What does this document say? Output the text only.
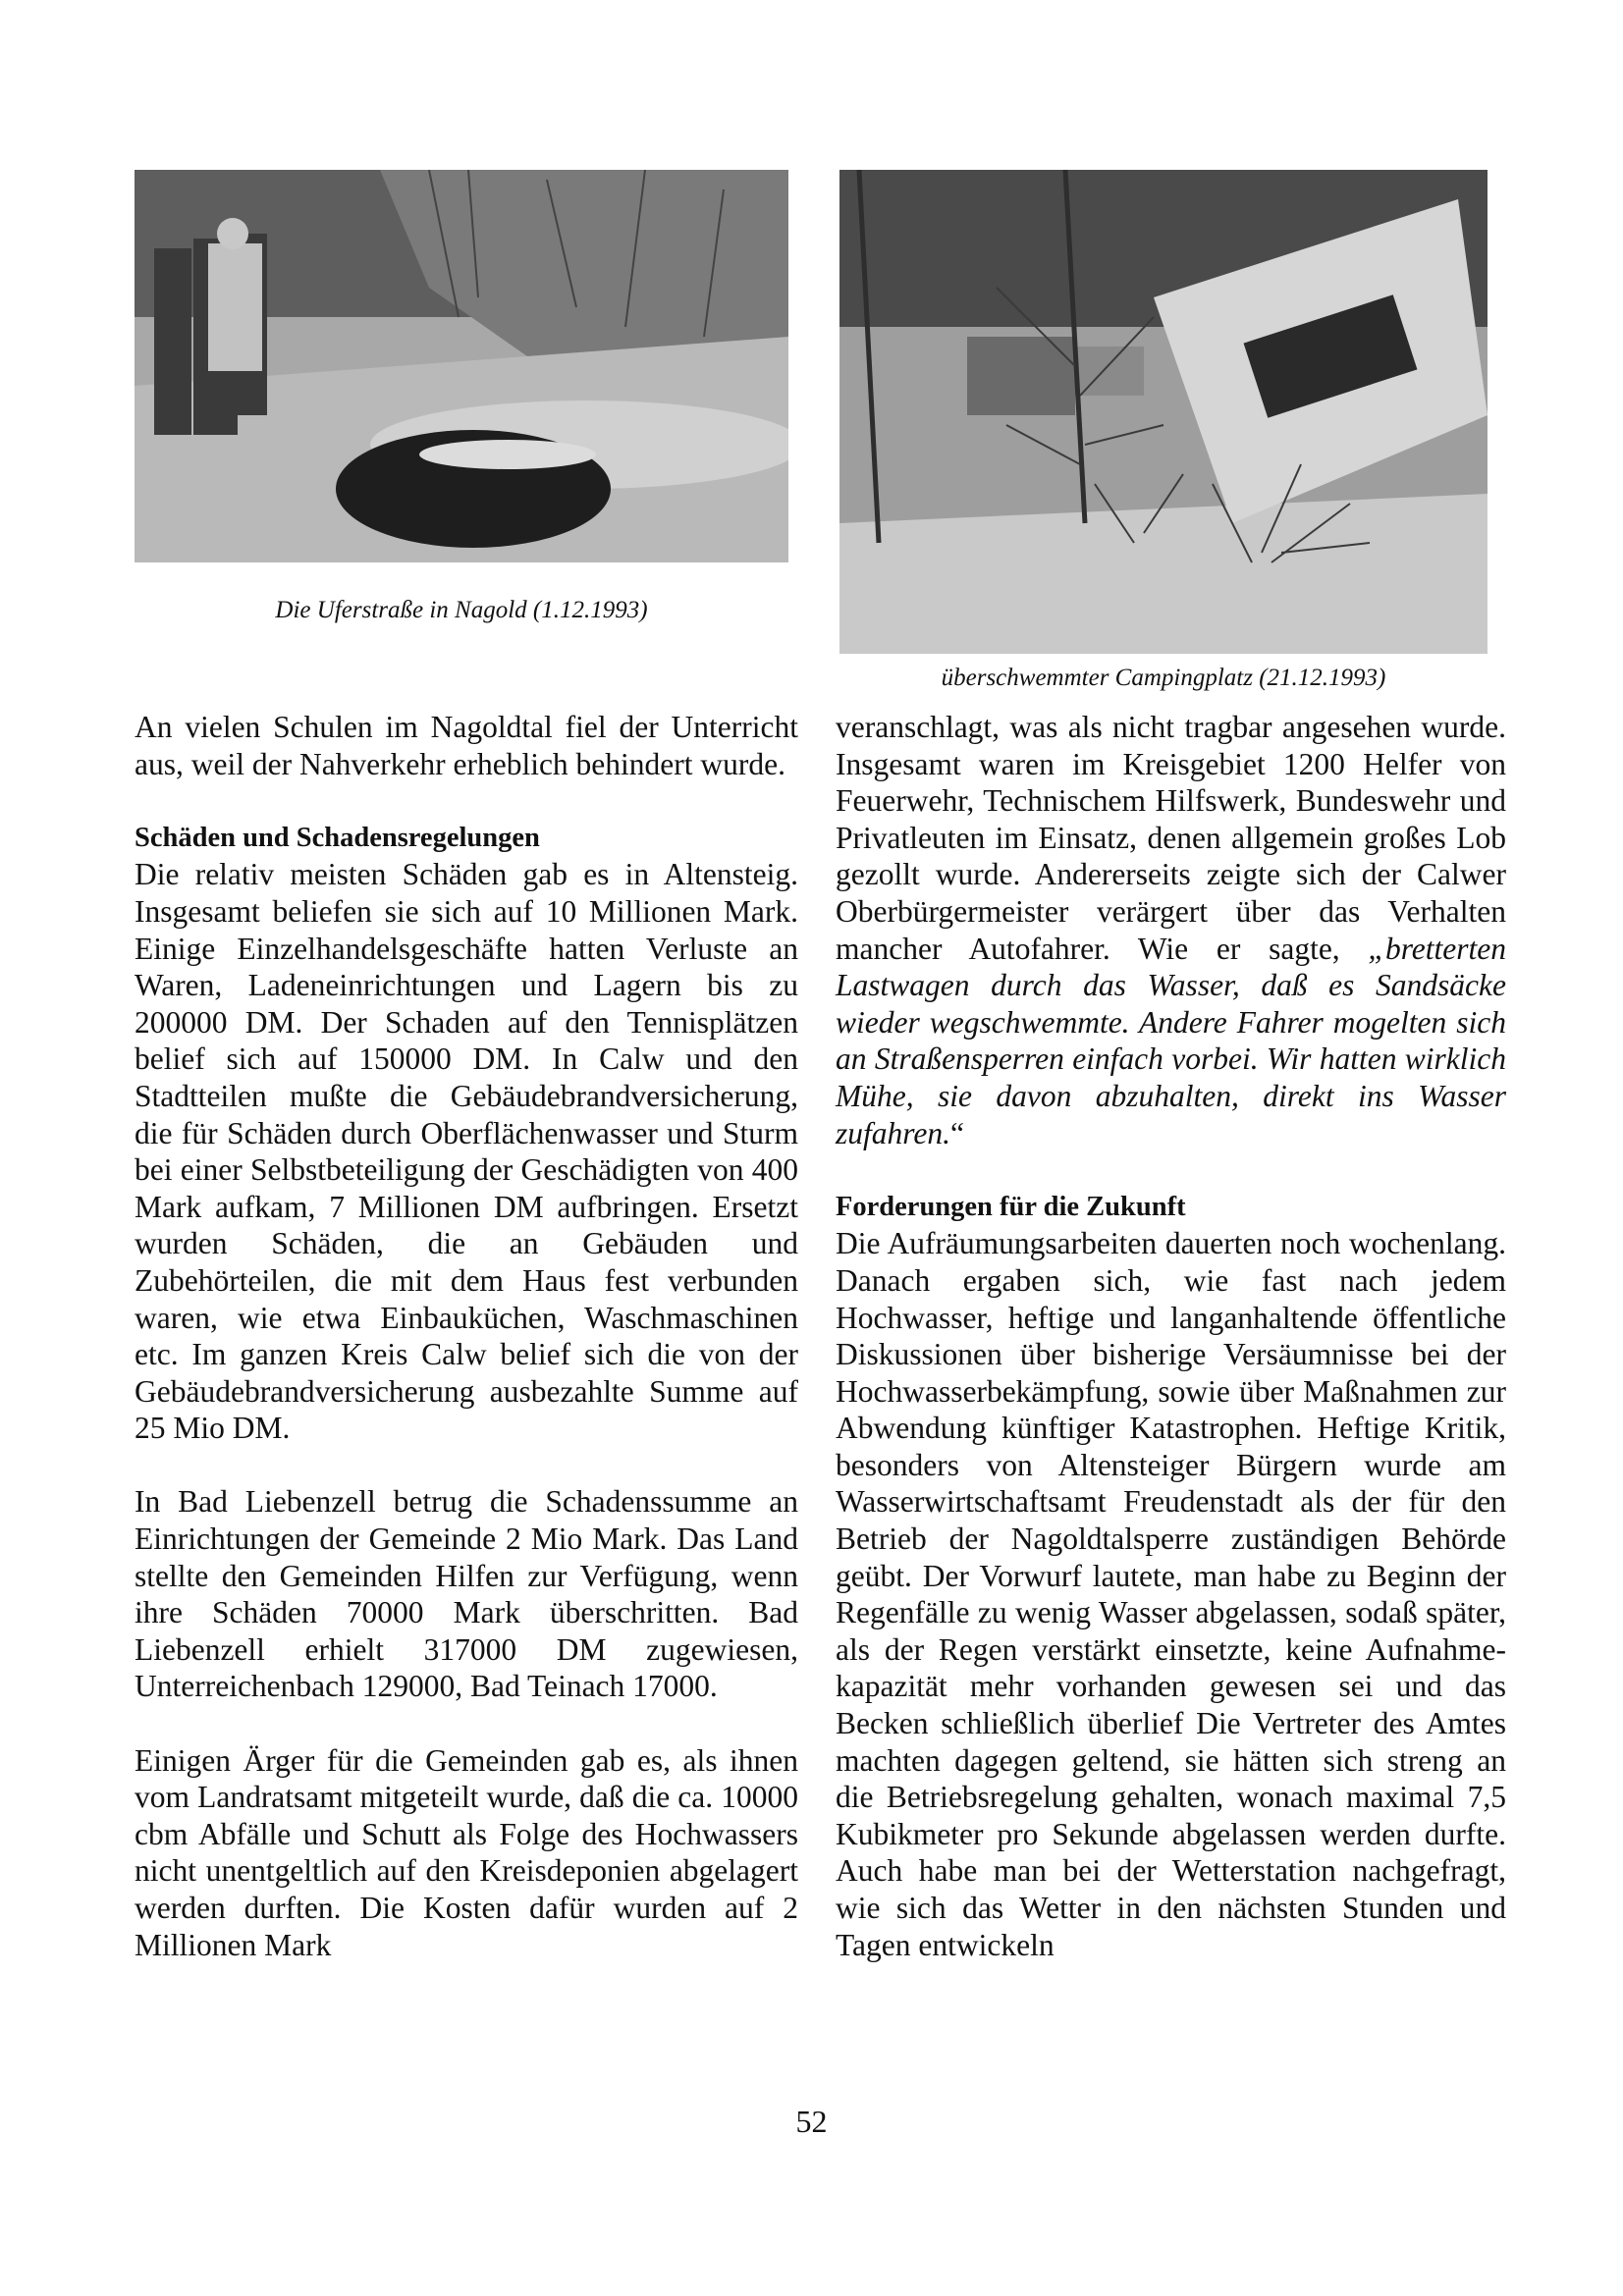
Die Uferstraße in Nagold (1.12.1993)
überschwemmter Campingplatz (21.12.1993)

An vielen Schulen im Nagoldtal fiel der Unterricht aus, weil der Nahverkehr erheblich behindert wurde.

Schäden und Schadensregelungen

Die relativ meisten Schäden gab es in Altensteig. Insgesamt beliefen sie sich auf 10 Millionen Mark. Einige Einzelhandelsgeschäfte hatten Verluste an Waren, Ladeneinrichtungen und Lagern bis zu 200000 DM. Der Schaden auf den Tennisplätzen belief sich auf 150000 DM. In Calw und den Stadtteilen mußte die Gebäudebrandversicherung, die für Schäden durch Oberflächenwasser und Sturm bei einer Selbstbeteiligung der Geschädigten von 400 Mark aufkam, 7 Millionen DM aufbringen. Ersetzt wurden Schäden, die an Gebäuden und Zubehörteilen, die mit dem Haus fest verbunden waren, wie etwa Einbauküchen, Waschmaschinen etc. Im ganzen Kreis Calw belief sich die von der Gebäudebrandversicherung ausbezahlte Summe auf 25 Mio DM.

In Bad Liebenzell betrug die Schadenssumme an Einrichtungen der Gemeinde 2 Mio Mark. Das Land stellte den Gemeinden Hilfen zur Verfügung, wenn ihre Schäden 70000 Mark überschritten. Bad Liebenzell erhielt 317000 DM zugewiesen, Unterreichenbach 129000, Bad Teinach 17000.

Einigen Ärger für die Gemeinden gab es, als ihnen vom Landratsamt mitgeteilt wurde, daß die ca. 10000 cbm Abfälle und Schutt als Folge des Hochwassers nicht unentgeltlich auf den Kreisdeponien abgelagert werden durften. Die Kosten dafür wurden auf 2 Millionen Mark

veranschlagt, was als nicht tragbar angesehen wurde. Insgesamt waren im Kreisgebiet 1200 Helfer von Feuerwehr, Technischem Hilfswerk, Bundeswehr und Privatleuten im Einsatz, denen allgemein großes Lob gezollt wurde. Andererseits zeigte sich der Calwer Oberbürgermeister verärgert über das Verhalten mancher Autofahrer. Wie er sagte, „bretterten Lastwagen durch das Wasser, daß es Sandsäcke wieder wegschwemmte. Andere Fahrer mogelten sich an Straßensperren einfach vorbei. Wir hatten wirklich Mühe, sie davon abzuhalten, direkt ins Wasser zufahren.“

Forderungen für die Zukunft

Die Aufräumungsarbeiten dauerten noch wochenlang. Danach ergaben sich, wie fast nach jedem Hochwasser, heftige und langanhaltende öffentliche Diskussionen über bisherige Versäumnisse bei der Hochwasserbekämpfung, sowie über Maßnahmen zur Abwendung künftiger Katastrophen. Heftige Kritik, besonders von Altensteiger Bürgern wurde am Wasserwirtschaftsamt Freudenstadt als der für den Betrieb der Nagoldtalsperre zuständigen Behörde geübt. Der Vorwurf lautete, man habe zu Beginn der Regenfälle zu wenig Wasser abgelassen, sodaß später, als der Regen verstärkt einsetzte, keine Aufnahme-kapazität mehr vorhanden gewesen sei und das Becken schließlich überlief Die Vertreter des Amtes machten dagegen geltend, sie hätten sich streng an die Betriebsregelung gehalten, wonach maximal 7,5 Kubikmeter pro Sekunde abgelassen werden durfte. Auch habe man bei der Wetterstation nachgefragt, wie sich das Wetter in den nächsten Stunden und Tagen entwickeln

52
